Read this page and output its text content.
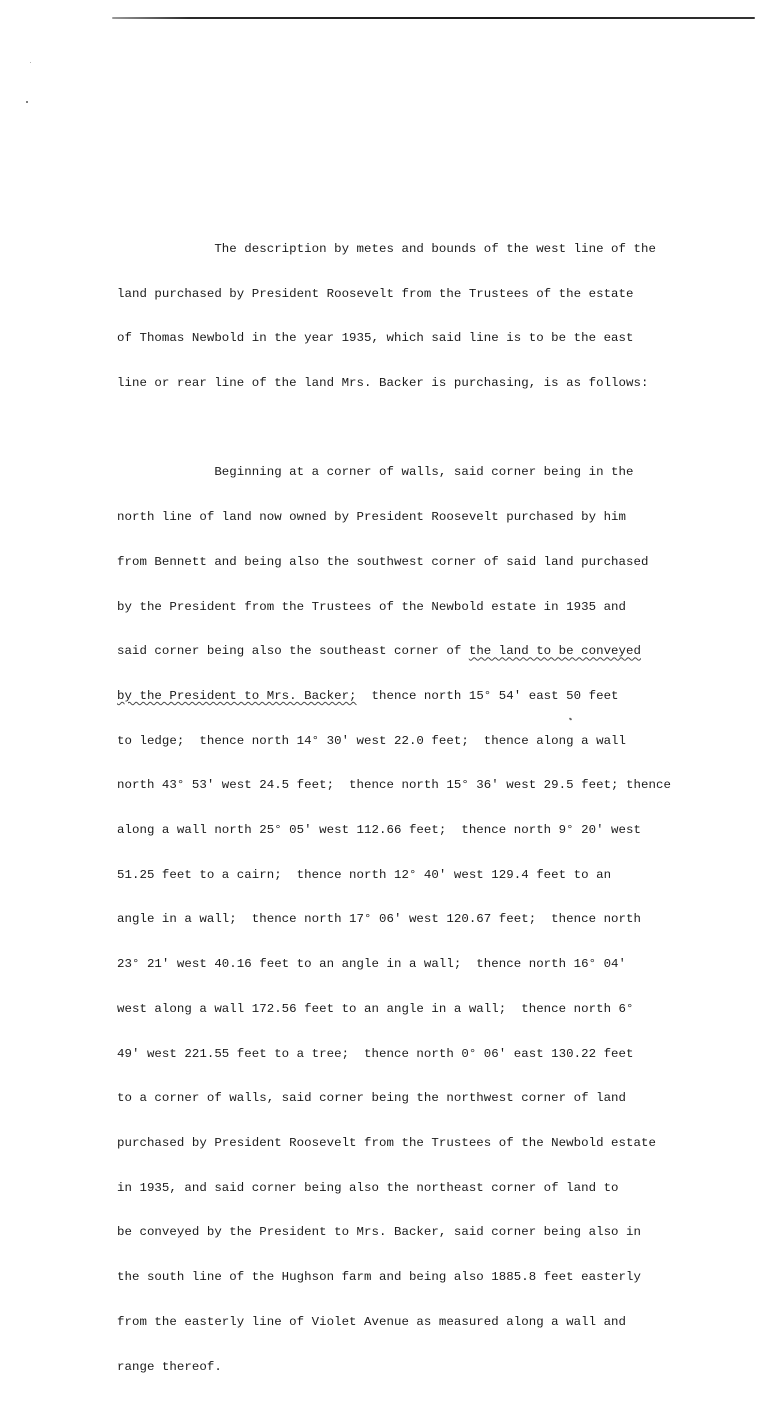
The description by metes and bounds of the west line of the

land purchased by President Roosevelt from the Trustees of the estate

of Thomas Newbold in the year 1935, which said line is to be the east

line or rear line of the land Mrs. Backer is purchasing, is as follows:

Beginning at a corner of walls, said corner being in the

north line of land now owned by President Roosevelt purchased by him

from Bennett and being also the southwest corner of said land purchased

by the President from the Trustees of the Newbold estate in 1935 and

said corner being also the southeast corner of the land to be conveyed

by the President to Mrs. Backer;  thence north 15° 54' east 50 feet

to ledge;  thence north 14° 30' west 22.0 feet;  thence along a wall

north 43° 53' west 24.5 feet;  thence north 15° 36' west 29.5 feet; thence

along a wall north 25° 05' west 112.66 feet;  thence north 9° 20' west

51.25 feet to a cairn;  thence north 12° 40' west 129.4 feet to an

angle in a wall;  thence north 17° 06' west 120.67 feet;  thence north

23° 21' west 40.16 feet to an angle in a wall;  thence north 16° 04'

west along a wall 172.56 feet to an angle in a wall;  thence north 6°

49' west 221.55 feet to a tree;  thence north 0° 06' east 130.22 feet

to a corner of walls, said corner being the northwest corner of land

purchased by President Roosevelt from the Trustees of the Newbold estate

in 1935, and said corner being also the northeast corner of land to

be conveyed by the President to Mrs. Backer, said corner being also in

the south line of the Hughson farm and being also 1885.8 feet easterly

from the easterly line of Violet Avenue as measured along a wall and

range thereof.
